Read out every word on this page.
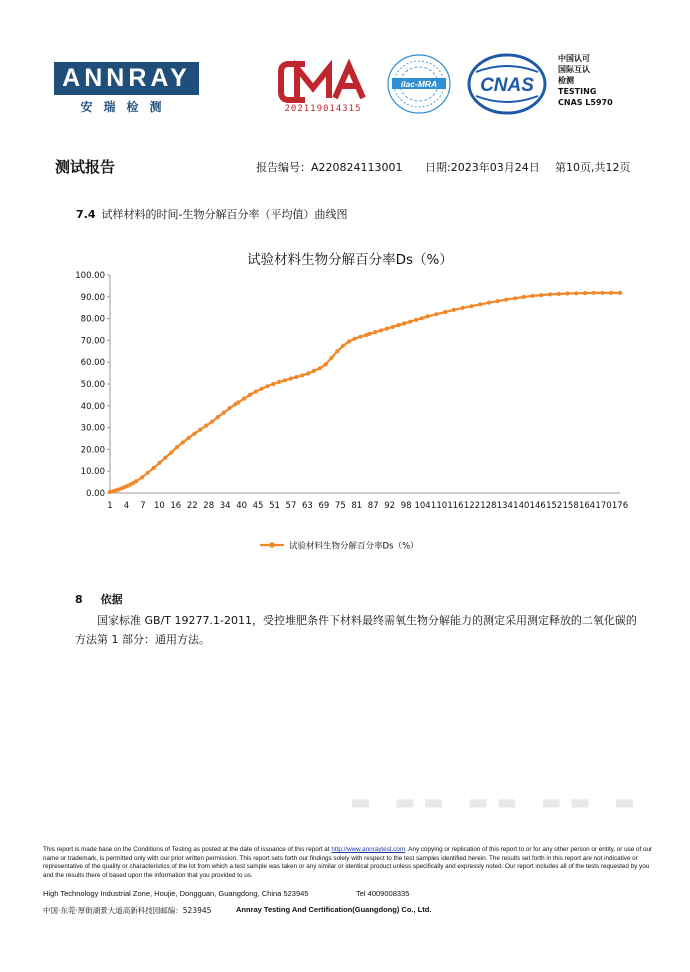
ANNRAY
安瑞检测	202119014315
ilac-MRA CNAS
中国认可
国际互认
检测
TESTING
CNAS L5970
测试报告	报告编号：A220824113001 日期:2023年03月24日 第10页,共12页
7.4 试样材料的时间-生物分解百分率（平均值）曲线图
试验材料生物分解百分率Ds（%）
0.00
10.00
20.00
30.00
40.00
50.00
60.00
70.00
80.00
90.00
100.00
1 4 7 10 16 22 28 34 40 45 51 57 63 69 75 81 87 92 98 104 110 116 122 128 134 140 146 152 158 164 170 176
试验材料生物分解百分率Ds（%）
8 依据
国家标准 GB/T 19277.1-2011，受控堆肥条件下材料最终需氧生物分解能力的测定采用测定释放的二氧化碳的方法第 1 部分：通用方法。
▬ ▬▬ ▬▬ ▬▬ ▬
This report is made base on the Conditions of Testing as posted at the date of issuance of this report at http://www.annraytest.com. Any copying or replication of this report to or for any other person or entity, or use of our name or trademark, is permitted only with our prior written permission. This report sets forth our findings solely with respect to the test samples identified herein. The results set forth in this report are not indicative or representative of the quality or characteristics of the lot from which a test sample was taken or any similar or identical product unless specifically and expressly noted. Our report includes all of the tests requested by you and the results there of based upon the information that you provided to us.
High Technology Industrial Zone, Houjie, Dongguan, Guangdong, China 523945	Tel 4009008335
中国·东莞·厚街湖景大道高新科技园邮编：523945	Annray Testing And Certification(Guangdong) Co., Ltd.
